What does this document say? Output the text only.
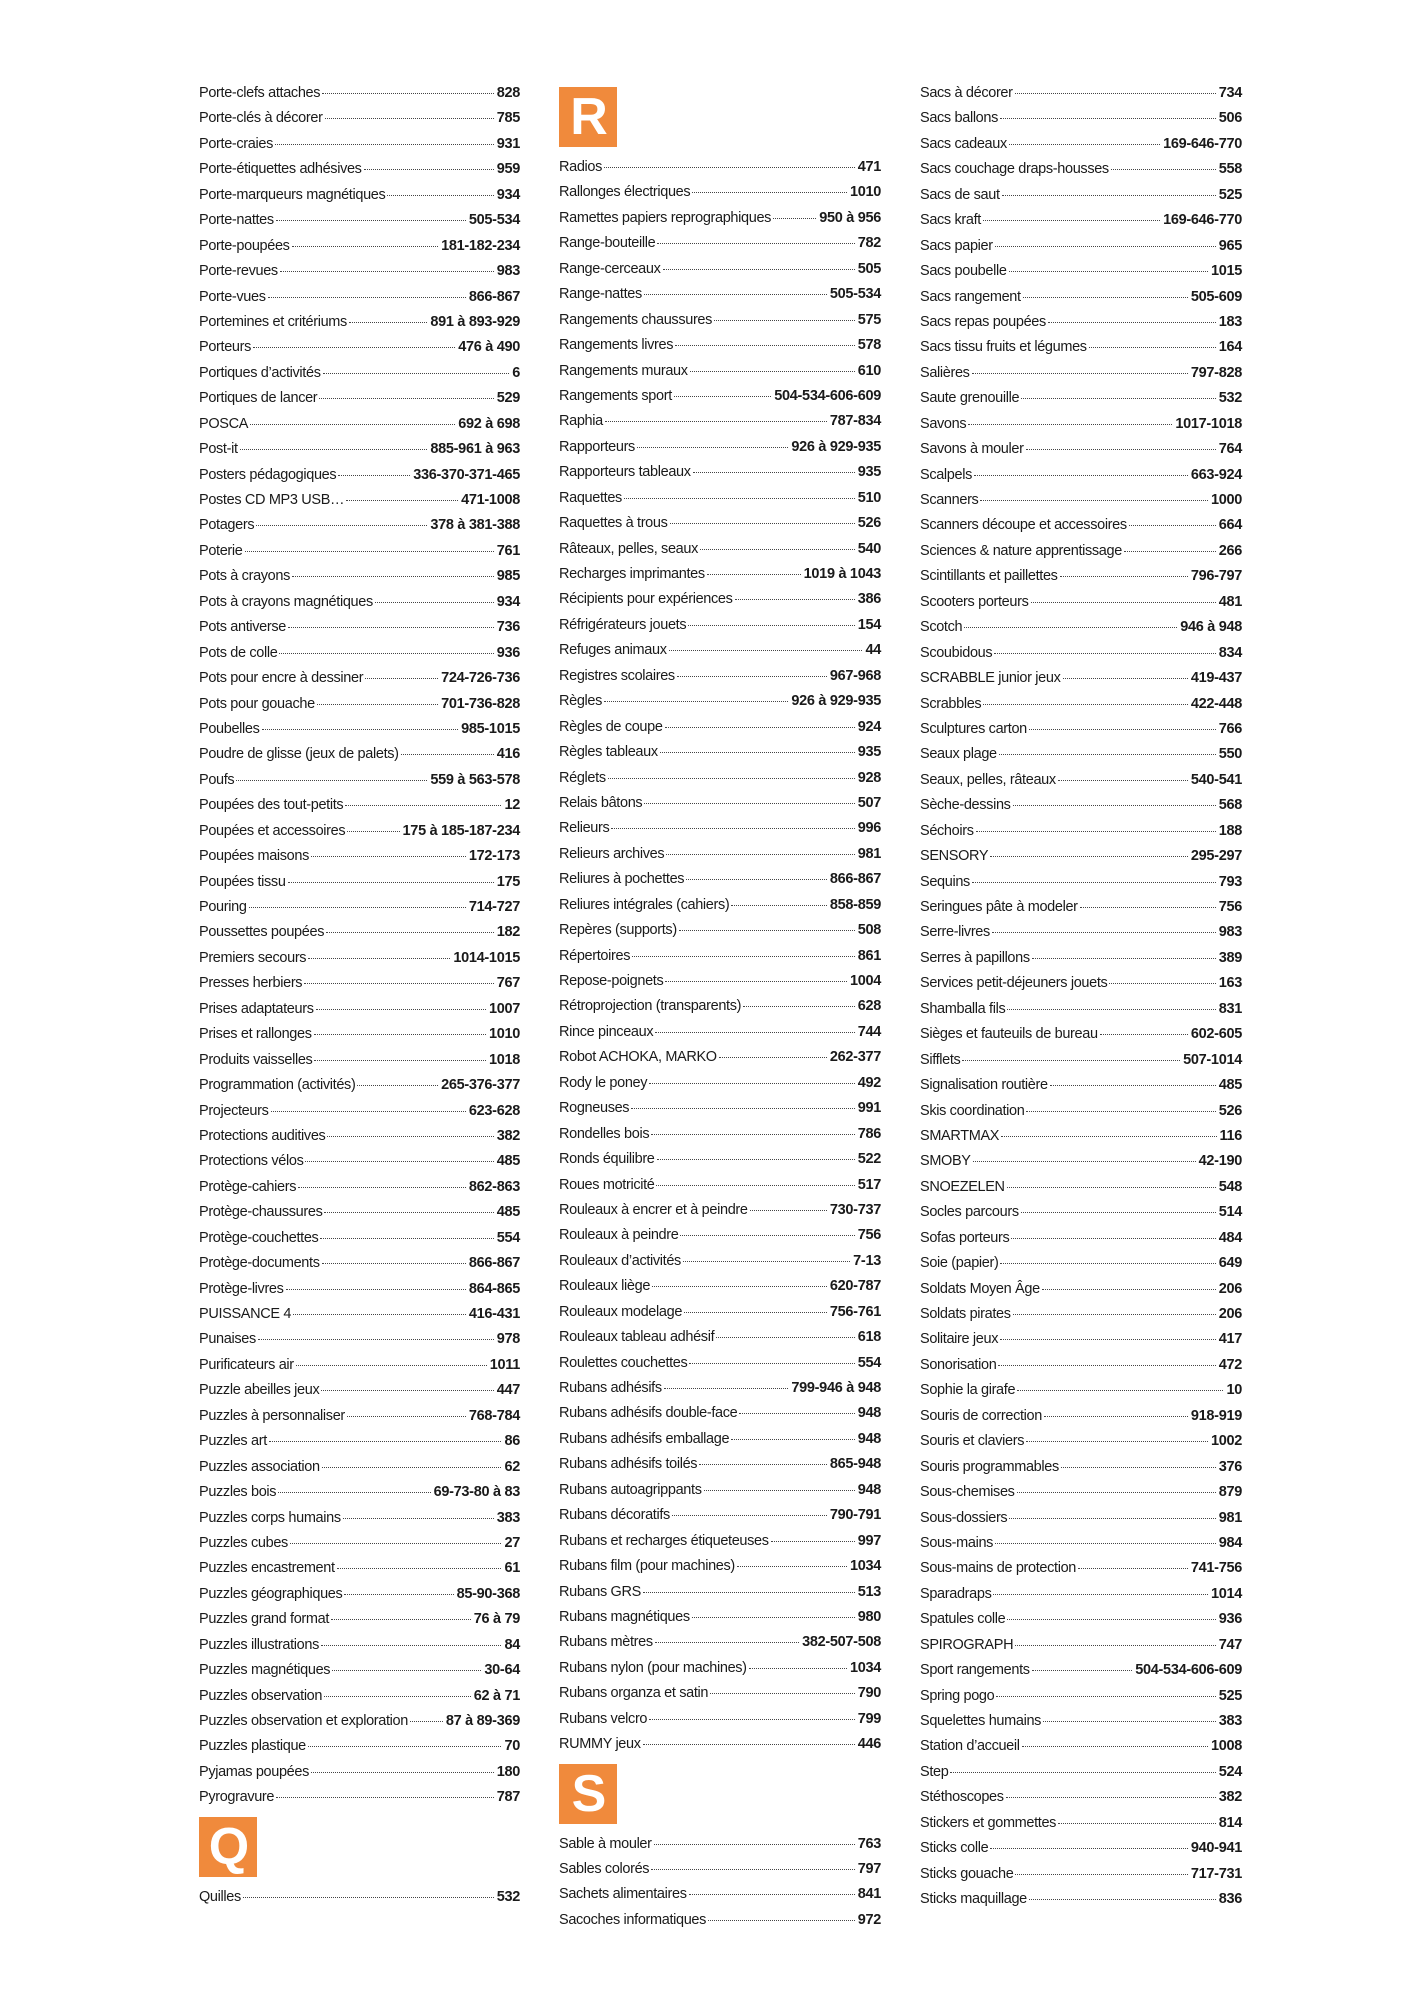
Porte-clefs attaches	828
Porte-clés à décorer	785
Porte-craies	931
Porte-étiquettes adhésives	959
Porte-marqueurs magnétiques	934
Porte-nattes	505-534
Porte-poupées	181-182-234
Porte-revues	983
Porte-vues	866-867
Portemines et critériums	891 à 893-929
Porteurs	476 à 490
Portiques d’activités	6
Portiques de lancer	529
POSCA	692 à 698
Post-it	885-961 à 963
Posters pédagogiques	336-370-371-465
Postes CD MP3 USB…	471-1008
Potagers	378 à 381-388
Poterie	761
Pots à crayons	985
Pots à crayons magnétiques	934
Pots antiverse	736
Pots de colle	936
Pots pour encre à dessiner	724-726-736
Pots pour gouache	701-736-828
Poubelles	985-1015
Poudre de glisse (jeux de palets)	416
Poufs	559 à 563-578
Poupées des tout-petits	12
Poupées et accessoires	175 à 185-187-234
Poupées maisons	172-173
Poupées tissu	175
Pouring	714-727
Poussettes poupées	182
Premiers secours	1014-1015
Presses herbiers	767
Prises adaptateurs	1007
Prises et rallonges	1010
Produits vaisselles	1018
Programmation (activités)	265-376-377
Projecteurs	623-628
Protections auditives	382
Protections vélos	485
Protège-cahiers	862-863
Protège-chaussures	485
Protège-couchettes	554
Protège-documents	866-867
Protège-livres	864-865
PUISSANCE 4	416-431
Punaises	978
Purificateurs air	1011
Puzzle abeilles jeux	447
Puzzles à personnaliser	768-784
Puzzles art	86
Puzzles association	62
Puzzles bois	69-73-80 à 83
Puzzles corps humains	383
Puzzles cubes	27
Puzzles encastrement	61
Puzzles géographiques	85-90-368
Puzzles grand format	76 à 79
Puzzles illustrations	84
Puzzles magnétiques	30-64
Puzzles observation	62 à 71
Puzzles observation et exploration	87 à 89-369
Puzzles plastique	70
Pyjamas poupées	180
Pyrogravure	787
Q
Quilles	532
R
Radios	471
Rallonges électriques	1010
Ramettes papiers reprographiques	950 à 956
Range-bouteille	782
Range-cerceaux	505
Range-nattes	505-534
Rangements chaussures	575
Rangements livres	578
Rangements muraux	610
Rangements sport	504-534-606-609
Raphia	787-834
Rapporteurs	926 à 929-935
Rapporteurs tableaux	935
Raquettes	510
Raquettes à trous	526
Râteaux, pelles, seaux	540
Recharges imprimantes	1019 à 1043
Récipients pour expériences	386
Réfrigérateurs jouets	154
Refuges animaux	44
Registres scolaires	967-968
Règles	926 à 929-935
Règles de coupe	924
Règles tableaux	935
Réglets	928
Relais bâtons	507
Relieurs	996
Relieurs archives	981
Reliures à pochettes	866-867
Reliures intégrales (cahiers)	858-859
Repères (supports)	508
Répertoires	861
Repose-poignets	1004
Rétroprojection (transparents)	628
Rince pinceaux	744
Robot ACHOKA, MARKO	262-377
Rody le poney	492
Rogneuses	991
Rondelles bois	786
Ronds équilibre	522
Roues motricité	517
Rouleaux à encrer et à peindre	730-737
Rouleaux à peindre	756
Rouleaux d’activités	7-13
Rouleaux liège	620-787
Rouleaux modelage	756-761
Rouleaux tableau adhésif	618
Roulettes couchettes	554
Rubans adhésifs	799-946 à 948
Rubans adhésifs double-face	948
Rubans adhésifs emballage	948
Rubans adhésifs toilés	865-948
Rubans autoagrippants	948
Rubans décoratifs	790-791
Rubans et recharges étiqueteuses	997
Rubans film (pour machines)	1034
Rubans GRS	513
Rubans magnétiques	980
Rubans mètres	382-507-508
Rubans nylon (pour machines)	1034
Rubans organza et satin	790
Rubans velcro	799
RUMMY jeux	446
S
Sable à mouler	763
Sables colorés	797
Sachets alimentaires	841
Sacoches informatiques	972
Sacs à décorer	734
Sacs ballons	506
Sacs cadeaux	169-646-770
Sacs couchage draps-housses	558
Sacs de saut	525
Sacs kraft	169-646-770
Sacs papier	965
Sacs poubelle	1015
Sacs rangement	505-609
Sacs repas poupées	183
Sacs tissu fruits et légumes	164
Salières	797-828
Saute grenouille	532
Savons	1017-1018
Savons à mouler	764
Scalpels	663-924
Scanners	1000
Scanners découpe et accessoires	664
Sciences & nature apprentissage	266
Scintillants et paillettes	796-797
Scooters porteurs	481
Scotch	946 à 948
Scoubidous	834
SCRABBLE junior jeux	419-437
Scrabbles	422-448
Sculptures carton	766
Seaux plage	550
Seaux, pelles, râteaux	540-541
Sèche-dessins	568
Séchoirs	188
SENSORY	295-297
Sequins	793
Seringues pâte à modeler	756
Serre-livres	983
Serres à papillons	389
Services petit-déjeuners jouets	163
Shamballa fils	831
Sièges et fauteuils de bureau	602-605
Sifflets	507-1014
Signalisation routière	485
Skis coordination	526
SMARTMAX	116
SMOBY	42-190
SNOEZELEN	548
Socles parcours	514
Sofas porteurs	484
Soie (papier)	649
Soldats Moyen Âge	206
Soldats pirates	206
Solitaire jeux	417
Sonorisation	472
Sophie la girafe	10
Souris de correction	918-919
Souris et claviers	1002
Souris programmables	376
Sous-chemises	879
Sous-dossiers	981
Sous-mains	984
Sous-mains de protection	741-756
Sparadraps	1014
Spatules colle	936
SPIROGRAPH	747
Sport rangements	504-534-606-609
Spring pogo	525
Squelettes humains	383
Station d’accueil	1008
Step	524
Stéthoscopes	382
Stickers et gommettes	814
Sticks colle	940-941
Sticks gouache	717-731
Sticks maquillage	836
